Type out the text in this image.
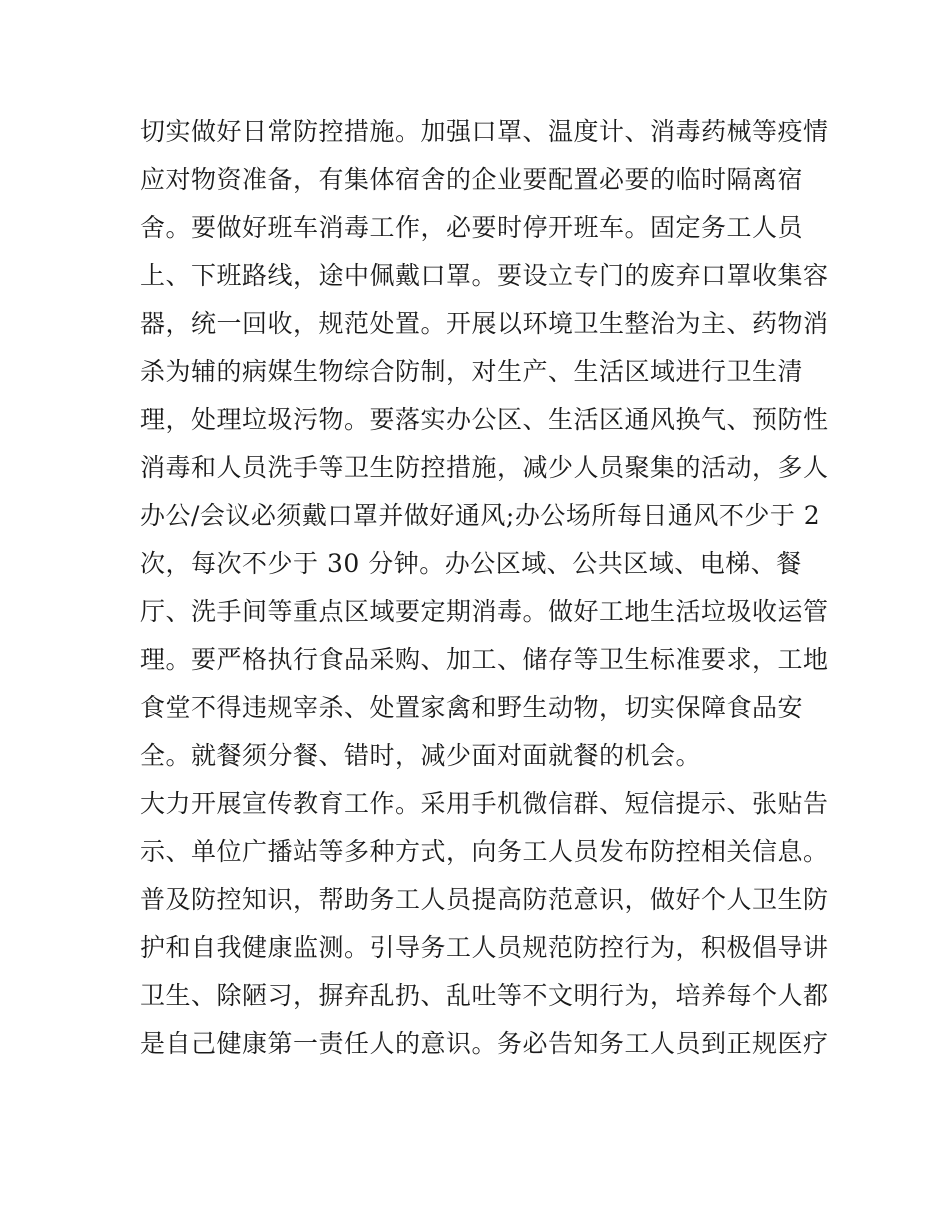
切实做好日常防控措施。加强口罩、温度计、消毒药械等疫情
应对物资准备，有集体宿舍的企业要配置必要的临时隔离宿
舍。要做好班车消毒工作，必要时停开班车。固定务工人员
上、下班路线，途中佩戴口罩。要设立专门的废弃口罩收集容
器，统一回收，规范处置。开展以环境卫生整治为主、药物消
杀为辅的病媒生物综合防制，对生产、生活区域进行卫生清
理，处理垃圾污物。要落实办公区、生活区通风换气、预防性
消毒和人员洗手等卫生防控措施，减少人员聚集的活动，多人
办公/会议必须戴口罩并做好通风;办公场所每日通风不少于 2
次，每次不少于 30 分钟。办公区域、公共区域、电梯、餐
厅、洗手间等重点区域要定期消毒。做好工地生活垃圾收运管
理。要严格执行食品采购、加工、储存等卫生标准要求，工地
食堂不得违规宰杀、处置家禽和野生动物，切实保障食品安
全。就餐须分餐、错时，减少面对面就餐的机会。
大力开展宣传教育工作。采用手机微信群、短信提示、张贴告
示、单位广播站等多种方式，向务工人员发布防控相关信息。
普及防控知识，帮助务工人员提高防范意识，做好个人卫生防
护和自我健康监测。引导务工人员规范防控行为，积极倡导讲
卫生、除陋习，摒弃乱扔、乱吐等不文明行为，培养每个人都
是自己健康第一责任人的意识。务必告知务工人员到正规医疗
